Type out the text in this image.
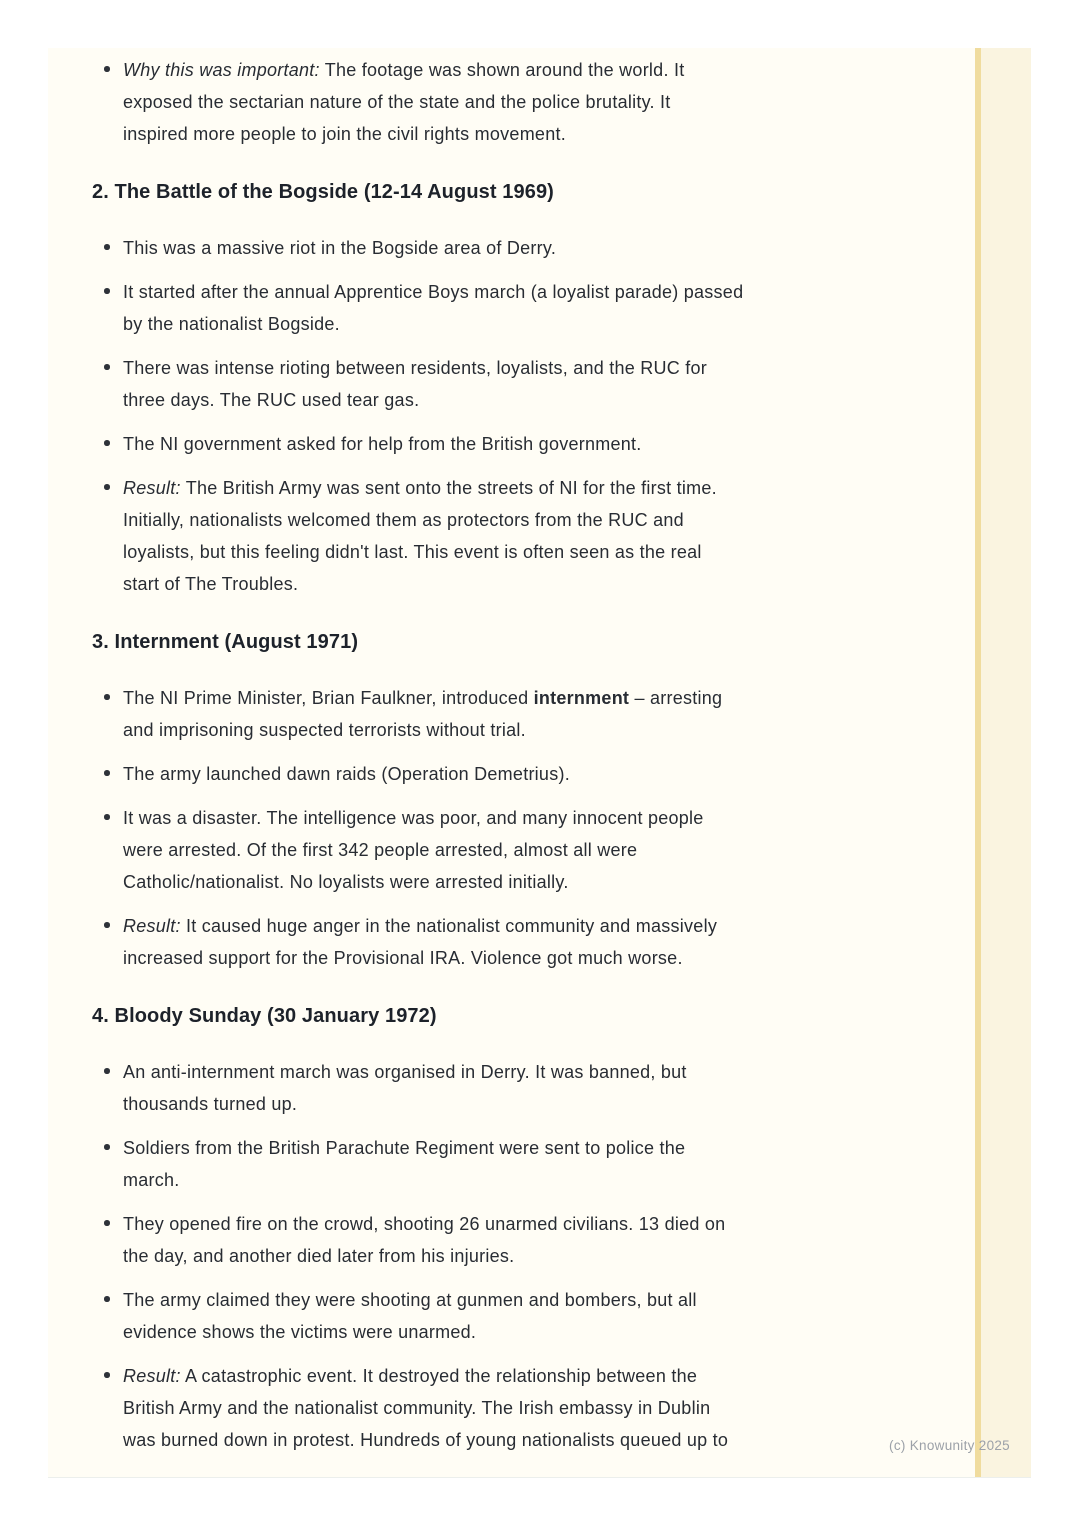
Why this was important: The footage was shown around the world. It
exposed the sectarian nature of the state and the police brutality. It
inspired more people to join the civil rights movement.
2. The Battle of the Bogside (12-14 August 1969)
This was a massive riot in the Bogside area of Derry.
It started after the annual Apprentice Boys march (a loyalist parade) passed
by the nationalist Bogside.
There was intense rioting between residents, loyalists, and the RUC for
three days. The RUC used tear gas.
The NI government asked for help from the British government.
Result: The British Army was sent onto the streets of NI for the first time.
Initially, nationalists welcomed them as protectors from the RUC and
loyalists, but this feeling didn't last. This event is often seen as the real
start of The Troubles.
3. Internment (August 1971)
The NI Prime Minister, Brian Faulkner, introduced internment – arresting
and imprisoning suspected terrorists without trial.
The army launched dawn raids (Operation Demetrius).
It was a disaster. The intelligence was poor, and many innocent people
were arrested. Of the first 342 people arrested, almost all were
Catholic/nationalist. No loyalists were arrested initially.
Result: It caused huge anger in the nationalist community and massively
increased support for the Provisional IRA. Violence got much worse.
4. Bloody Sunday (30 January 1972)
An anti-internment march was organised in Derry. It was banned, but
thousands turned up.
Soldiers from the British Parachute Regiment were sent to police the
march.
They opened fire on the crowd, shooting 26 unarmed civilians. 13 died on
the day, and another died later from his injuries.
The army claimed they were shooting at gunmen and bombers, but all
evidence shows the victims were unarmed.
Result: A catastrophic event. It destroyed the relationship between the
British Army and the nationalist community. The Irish embassy in Dublin
was burned down in protest. Hundreds of young nationalists queued up to	(c) Knowunity 2025
